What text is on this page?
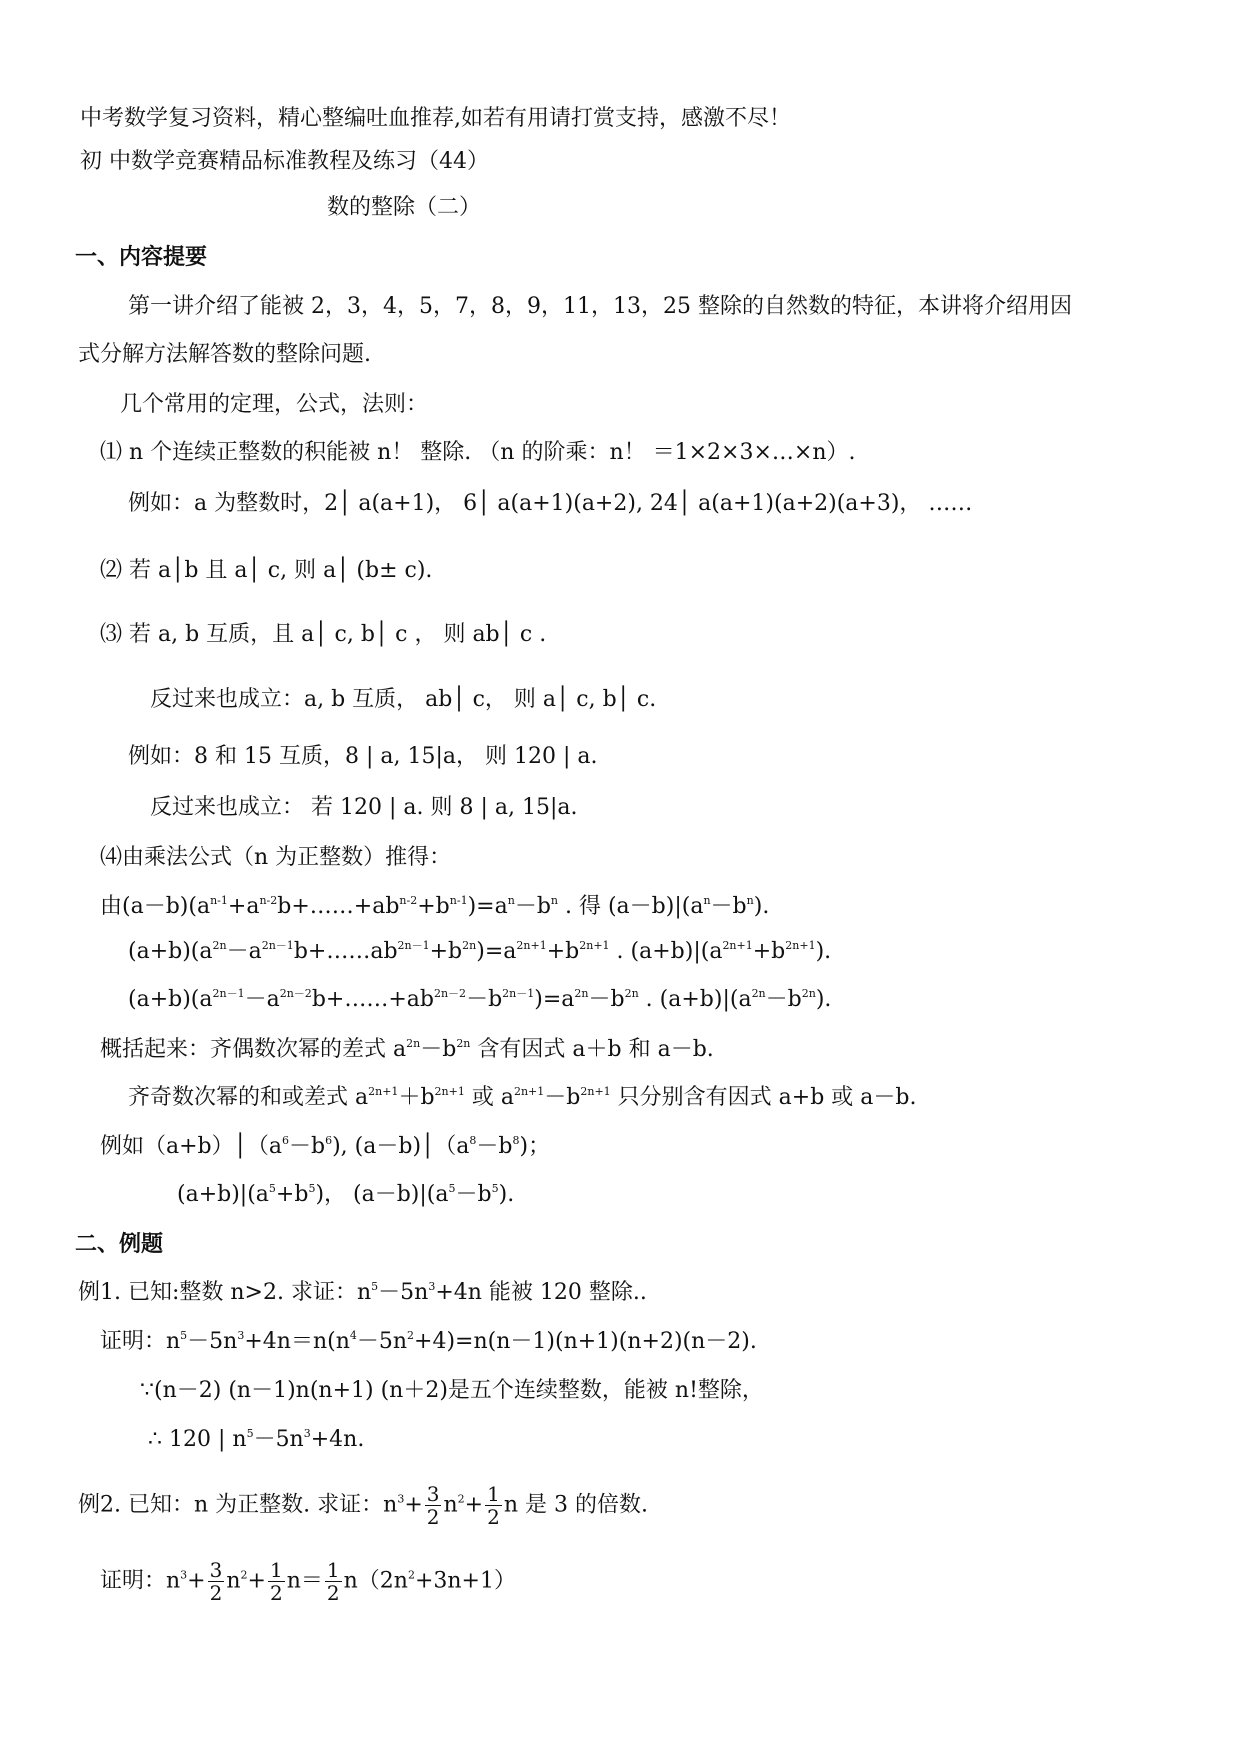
中考数学复习资料，精心整编吐血推荐,如若有用请打赏支持，感激不尽！
初 中数学竞赛精品标准教程及练习（44）
数的整除（二）
一、内容提要
第一讲介绍了能被 2，3，4，5，7，8，9，11，13，25 整除的自然数的特征，本讲将介绍用因
式分解方法解答数的整除问题.
几个常用的定理，公式，法则：
⑴ n 个连续正整数的积能被 n！ 整除. （n 的阶乘：n！ ＝1×2×3×…×n）.
例如：a 为整数时，2│ a(a+1)， 6│ a(a+1)(a+2), 24│ a(a+1)(a+2)(a+3)， ……
⑵ 若 a│b 且 a│ c, 则 a│ (b± c).
⑶ 若 a, b 互质，且 a│ c, b│ c ， 则 ab│ c .
反过来也成立：a, b 互质， ab│ c， 则 a│ c, b│ c.
例如：8 和 15 互质，8 | a, 15|a， 则 120 | a.
反过来也成立： 若 120 | a. 则 8 | a, 15|a.
⑷由乘法公式（n 为正整数）推得：
由$(a-b)(a^{n-1}+a^{n-2}b+\dots\dots+ab^{n-2}+b^{n-1})=a^n-b^n$ . 得 $(a-b)|(a^n-b^n)$.
$(a+b)(a^{2n}-a^{2n-1}b+\dots\dots ab^{2n-1}+b^{2n})=a^{2n+1}+b^{2n+1}$ . $(a+b)|(a^{2n+1}+b^{2n+1})$.
$(a+b)(a^{2n-1}-a^{2n-2}b+\dots\dots+ab^{2n-2}-b^{2n-1})=a^{2n}-b^{2n}$ . $(a+b)|(a^{2n}-b^{2n})$.
概括起来：齐偶数次幂的差式 $a^{2n}-b^{2n}$ 含有因式 a＋b 和 a－b.
齐奇数次幂的和或差式 $a^{2n+1}+b^{2n+1}$ 或 $a^{2n+1}-b^{2n+1}$ 只分别含有因式 a+b 或 a－b.
例如$(a+b)│(a^6-b^6)$, $(a-b)│(a^8-b^8)$；
$(a+b)|(a^5+b^5)$， $(a-b)|(a^5-b^5)$.
二、例题
例1. 已知:整数 n>2. 求证：$n^5-5n^3+4n$ 能被 120 整除..
证明：$n^5-5n^3+4n=n(n^4-5n^2+4)=n(n-1)(n+1)(n+2)(n-2)$.
∵(n－2) (n－1)n(n+1) (n＋2)是五个连续整数，能被 n!整除，
∴ 120 | $n^5-5n^3+4n$.
例2. 已知：n 为正整数. 求证：$n^3+ \frac{3}{2} n^2+ \frac{1}{2}$ n 是 3 的倍数.
证明：$n^3+ \frac{3}{2} n^2+ \frac{1}{2} n= \frac{1}{2} n(2n^2+3n+1)$
